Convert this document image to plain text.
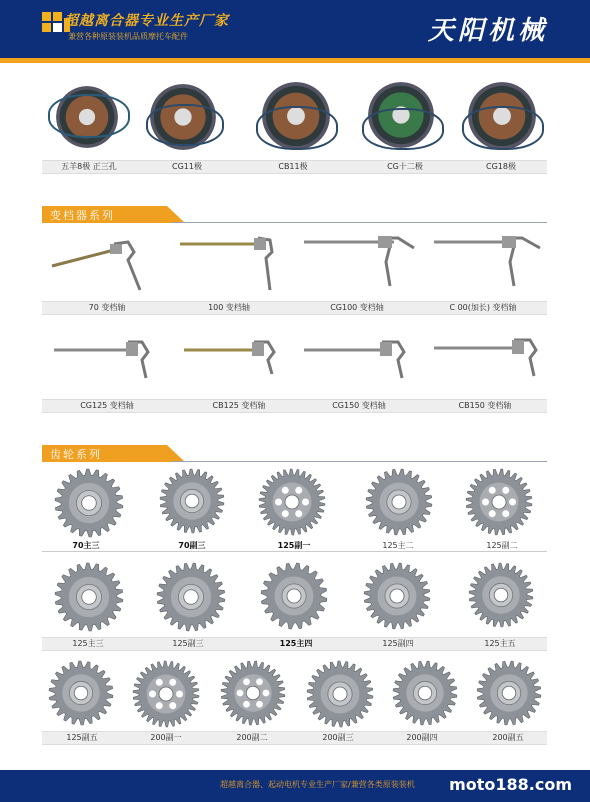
超越离合器专业生产厂家
兼营各种原装装机品质摩托车配件	天阳机械
五羊8极 正三孔	CG11极	CB11极	CG十二极	CG18极
变档器系列
70 变档轴	100 变档轴	CG100 变档轴	C 00(加长) 变档轴
CG125 变档轴	CB125 变档轴	CG150 变档轴	CB150 变档轴
齿轮系列
70主三	70副三	125副一	125主二	125副二
125主三	125副三	125主四	125副四	125主五
125副五	200副一	200副二	200副三	200副四	200副五
超越离合器、起动电机专业生产厂家/兼营各类原装装机 moto188.com
